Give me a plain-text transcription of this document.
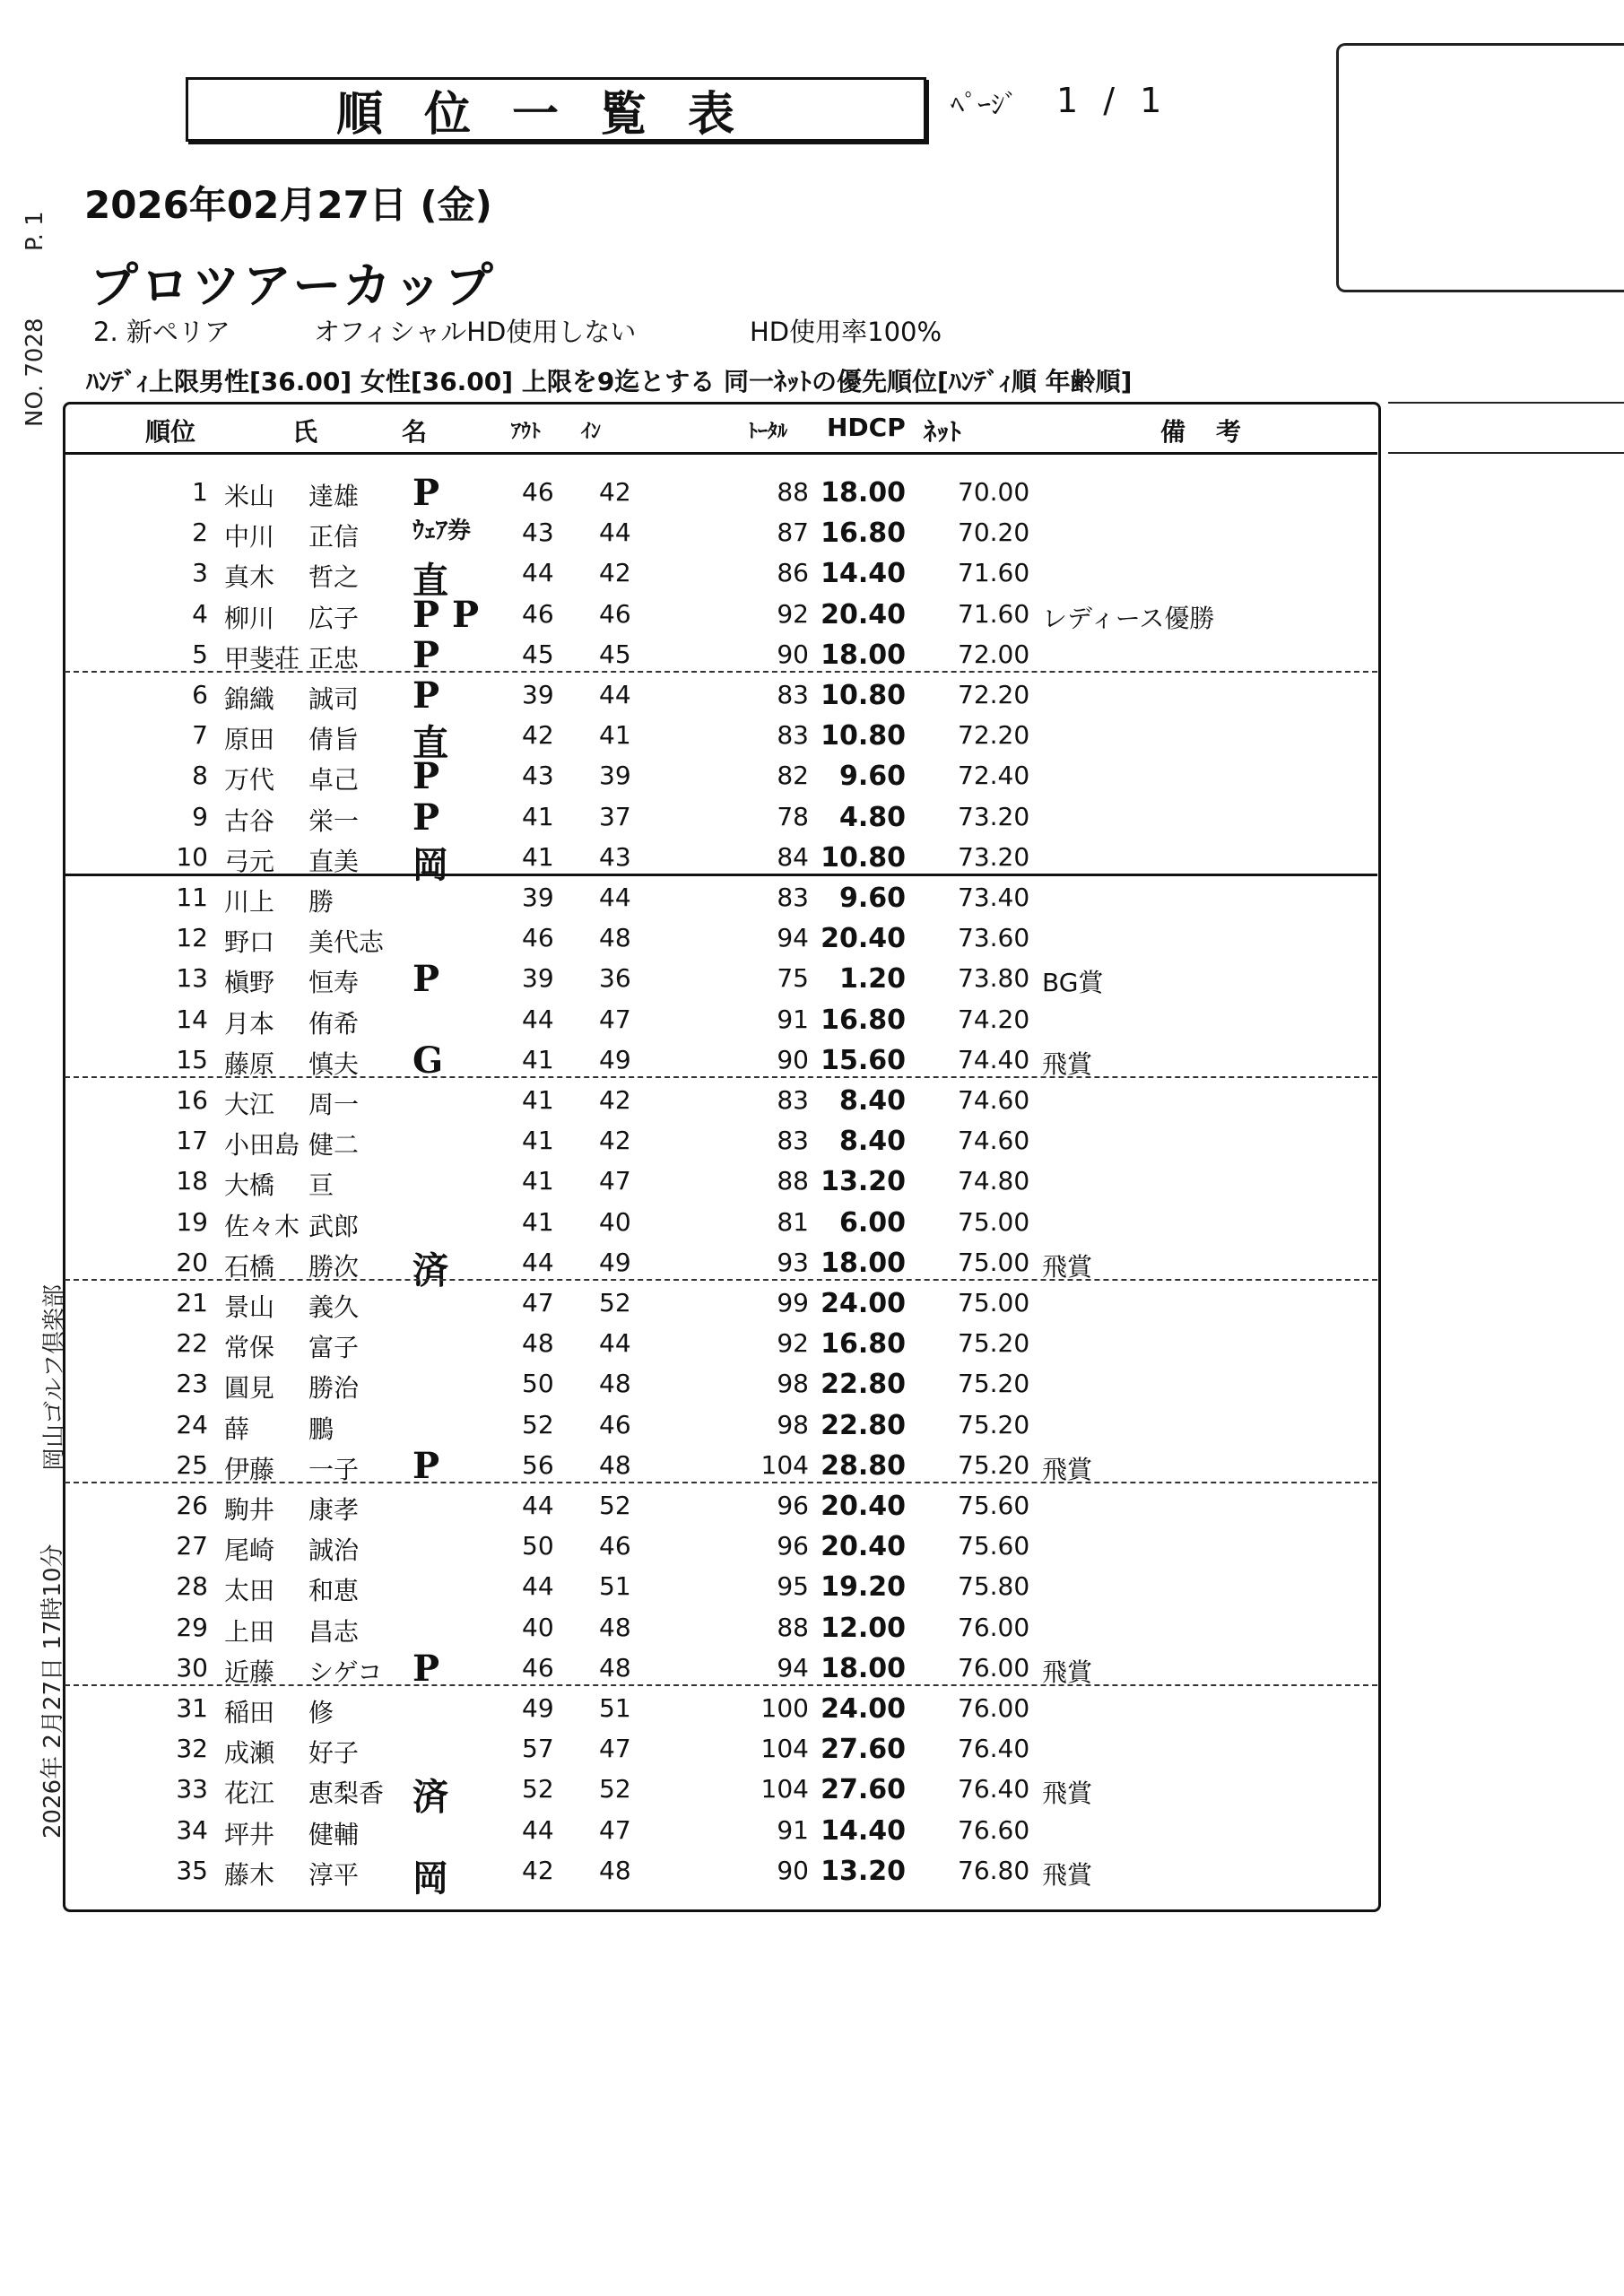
NO. 7028
P. 1
岡山ゴルフ倶楽部
2026年 2月27日 17時10分
順位一覧表	ﾍﾟｰｼﾞ 1 / 1
2026年02月27日 (金)
プロツアーカップ
2. 新ペリア	オフィシャルHD使用しない	HD使用率100%
ﾊﾝﾃﾞｨ上限男性[36.00] 女性[36.00] 上限を9迄とする 同一ﾈｯﾄの優先順位[ﾊﾝﾃﾞｨ順 年齢順]
順位	氏	名	ｱｳﾄ ｲﾝ	ﾄｰﾀﾙ HDCP ﾈｯﾄ	備 考
1 米山 達雄 P	46 42	88 18.00 70.00
2 中川 正信 ｳｪｱ券 43 44	87 16.80 70.20
3 真木 哲之 直	44 42	86 14.40 71.60
4 柳川 広子 P P 46 46	92 20.40 71.60 レディース優勝
5 甲斐荘 正忠 P	45 45	90 18.00 72.00
6 錦織 誠司 P	39 44	83 10.80 72.20
7 原田 倩旨 直	42 41	83 10.80 72.20
8 万代 卓己 P	43 39	82	9.60 72.40
9 古谷 栄一 P	41 37	78	4.80 73.20
10 弓元 直美 岡	41 43	84 10.80 73.20
11 川上 勝	39 44	83	9.60 73.40
12 野口 美代志	46 48	94 20.40 73.60
13 槇野 恒寿 P	39 36	75	1.20 73.80 BG賞
14 月本 侑希	44 47	91 16.80 74.20
15 藤原 慎夫 G	41 49	90 15.60 74.40 飛賞
16 大江 周一	41 42	83	8.40 74.60
17 小田島 健二	41 42	83	8.40 74.60
18 大橋 亘	41 47	88 13.20 74.80
19 佐々木 武郎	41 40	81	6.00 75.00
20 石橋 勝次 済	44 49	93 18.00 75.00 飛賞
21 景山 義久	47 52	99 24.00 75.00
22 常保 富子	48 44	92 16.80 75.20
23 圓見 勝治	50 48	98 22.80 75.20
24 薛 鵬	52 46	98 22.80 75.20
25 伊藤 一子 P	56 48	104 28.80 75.20 飛賞
26 駒井 康孝	44 52	96 20.40 75.60
27 尾崎 誠治	50 46	96 20.40 75.60
28 太田 和恵	44 51	95 19.20 75.80
29 上田 昌志	40 48	88 12.00 76.00
30 近藤 シゲコ P	46 48	94 18.00 76.00 飛賞
31 稲田 修	49 51	100 24.00 76.00
32 成瀬 好子	57 47	104 27.60 76.40
33 花江 恵梨香 済	52 52	104 27.60 76.40 飛賞
34 坪井 健輔	44 47	91 14.40 76.60
35 藤木 淳平 岡	42 48	90 13.20 76.80 飛賞
